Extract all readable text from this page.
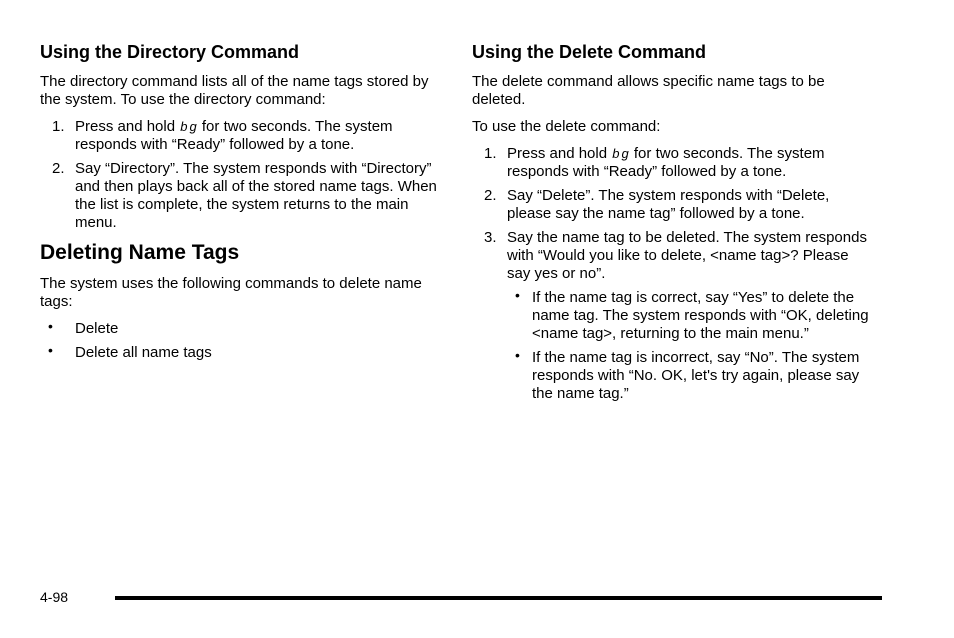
Using the Directory Command

The directory command lists all of the name tags stored by the system. To use the directory command:

1. Press and hold b g for two seconds. The system responds with “Ready” followed by a tone.
2. Say “Directory”. The system responds with “Directory” and then plays back all of the stored name tags. When the list is complete, the system returns to the main menu.
Deleting Name Tags

The system uses the following commands to delete name tags:

• Delete
• Delete all name tags
Using the Delete Command

The delete command allows specific name tags to be deleted.

To use the delete command:

1. Press and hold b g for two seconds. The system responds with “Ready” followed by a tone.
2. Say “Delete”. The system responds with “Delete, please say the name tag” followed by a tone.
3. Say the name tag to be deleted. The system responds with “Would you like to delete, <name tag>? Please say yes or no”.
• If the name tag is correct, say “Yes” to delete the name tag. The system responds with “OK, deleting <name tag>, returning to the main menu.”
• If the name tag is incorrect, say “No”. The system responds with “No. OK, let's try again, please say the name tag.”
4-98
